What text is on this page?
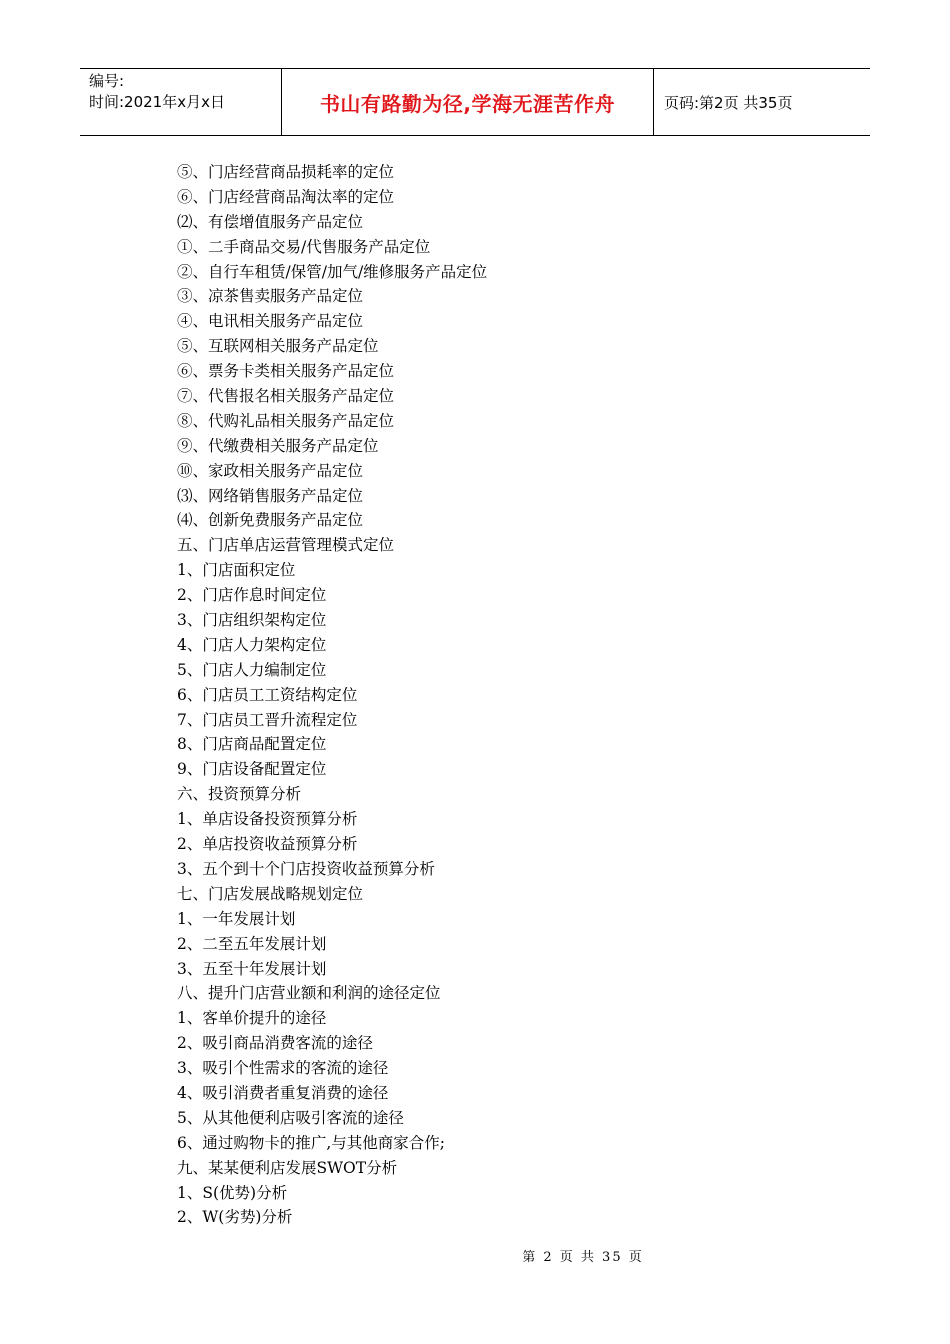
编号:
时间:2021年x月x日	书山有路勤为径,学海无涯苦作舟	页码:第2页 共35页
⑤、门店经营商品损耗率的定位
⑥、门店经营商品淘汰率的定位
⑵、有偿增值服务产品定位
①、二手商品交易/代售服务产品定位
②、自行车租赁/保管/加气/维修服务产品定位
③、凉茶售卖服务产品定位
④、电讯相关服务产品定位
⑤、互联网相关服务产品定位
⑥、票务卡类相关服务产品定位
⑦、代售报名相关服务产品定位
⑧、代购礼品相关服务产品定位
⑨、代缴费相关服务产品定位
⑩、家政相关服务产品定位
⑶、网络销售服务产品定位
⑷、创新免费服务产品定位
五、门店单店运营管理模式定位
1、门店面积定位
2、门店作息时间定位
3、门店组织架构定位
4、门店人力架构定位
5、门店人力编制定位
6、门店员工工资结构定位
7、门店员工晋升流程定位
8、门店商品配置定位
9、门店设备配置定位
六、投资预算分析
1、单店设备投资预算分析
2、单店投资收益预算分析
3、五个到十个门店投资收益预算分析
七、门店发展战略规划定位
1、一年发展计划
2、二至五年发展计划
3、五至十年发展计划
八、提升门店营业额和利润的途径定位
1、客单价提升的途径
2、吸引商品消费客流的途径
3、吸引个性需求的客流的途径
4、吸引消费者重复消费的途径
5、从其他便利店吸引客流的途径
6、通过购物卡的推广,与其他商家合作;
九、某某便利店发展SWOT分析
1、S(优势)分析
2、W(劣势)分析
第 2 页 共 35 页
